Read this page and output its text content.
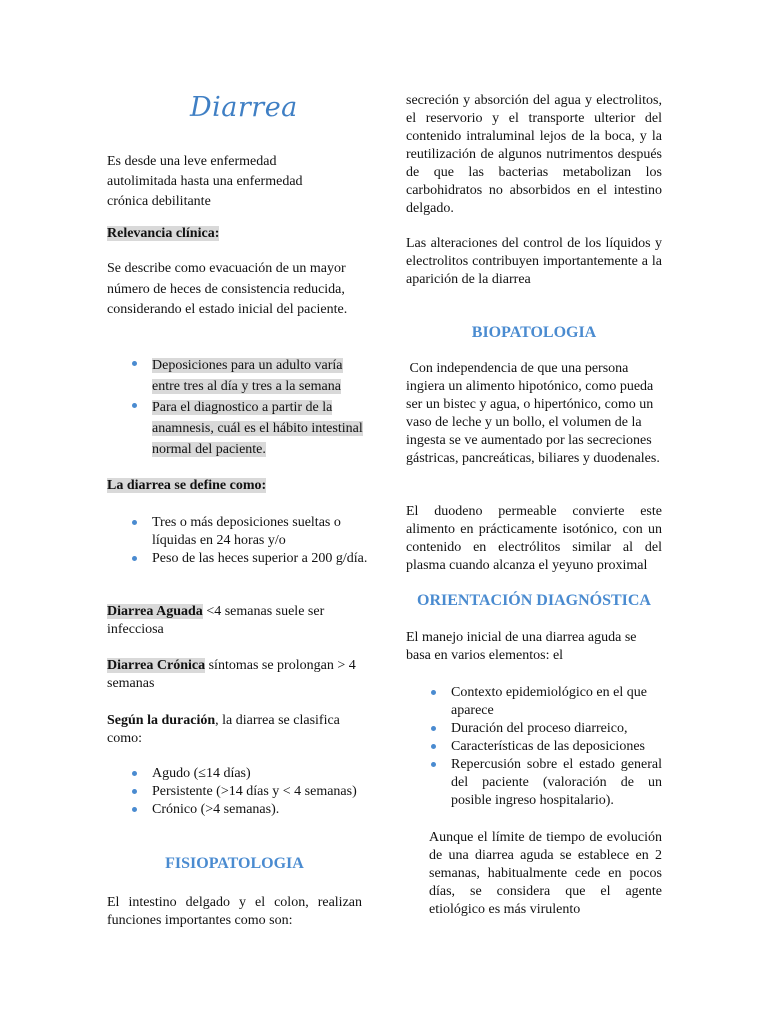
Diarrea
Es desde una leve enfermedad autolimitada hasta una enfermedad crónica debilitante
Relevancia clínica:
Se describe como evacuación de un mayor número de heces de consistencia reducida, considerando el estado inicial del paciente.
Deposiciones para un adulto varía entre tres al día y tres a la semana
Para el diagnostico a partir de la anamnesis, cuál es el hábito intestinal normal del paciente.
La diarrea se define como:
Tres o más deposiciones sueltas o líquidas en 24 horas y/o
Peso de las heces superior a 200 g/día.
Diarrea Aguada <4 semanas suele ser infecciosa
Diarrea Crónica síntomas se prolongan > 4 semanas
Según la duración, la diarrea se clasifica como:
Agudo (≤14 días)
Persistente (>14 días y < 4 semanas)
Crónico (>4 semanas).
FISIOPATOLOGIA
El intestino delgado y el colon, realizan funciones importantes como son:
secreción y absorción del agua y electrolitos, el reservorio y el transporte ulterior del contenido intraluminal lejos de la boca, y la reutilización de algunos nutrimentos después de que las bacterias metabolizan los carbohidratos no absorbidos en el intestino delgado.
Las alteraciones del control de los líquidos y electrolitos contribuyen importantemente a la aparición de la diarrea
BIOPATOLOGIA
Con independencia de que una persona ingiera un alimento hipotónico, como pueda ser un bistec y agua, o hipertónico, como un vaso de leche y un bollo, el volumen de la ingesta se ve aumentado por las secreciones gástricas, pancreáticas, biliares y duodenales.
El duodeno permeable convierte este alimento en prácticamente isotónico, con un contenido en electrólitos similar al del plasma cuando alcanza el yeyuno proximal
ORIENTACIÓN DIAGNÓSTICA
El manejo inicial de una diarrea aguda se basa en varios elementos: el
Contexto epidemiológico en el que aparece
Duración del proceso diarreico,
Características de las deposiciones
Repercusión sobre el estado general del paciente (valoración de un posible ingreso hospitalario).
Aunque el límite de tiempo de evolución de una diarrea aguda se establece en 2 semanas, habitualmente cede en pocos días, se considera que el agente etiológico es más virulento
